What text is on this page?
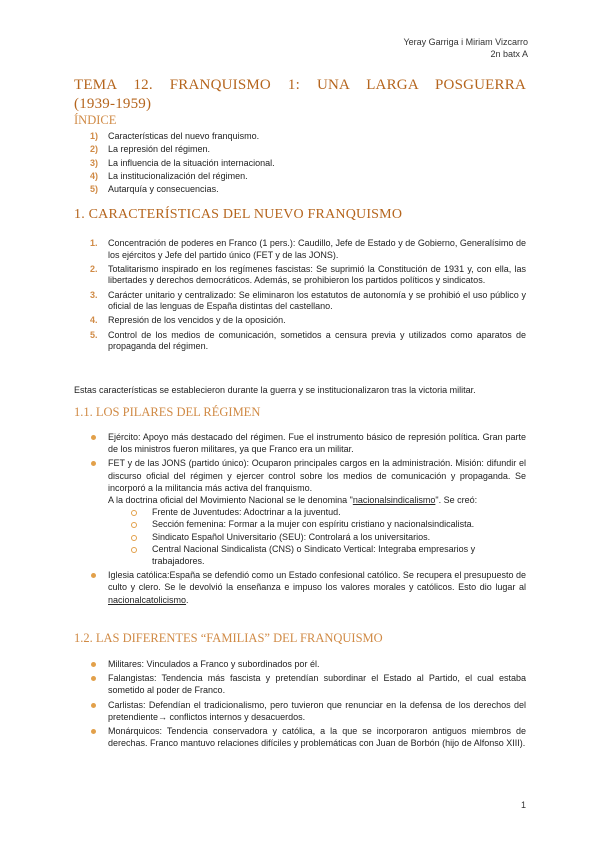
Yeray Garriga i Miriam Vizcarro
2n batx A
TEMA 12. FRANQUISMO 1: UNA LARGA POSGUERRA
(1939-1959)
ÍNDICE
1) Características del nuevo franquismo.
2) La represión del régimen.
3) La influencia de la situación internacional.
4) La institucionalización del régimen.
5) Autarquía y consecuencias.
1. CARACTERÍSTICAS DEL NUEVO FRANQUISMO
1. Concentración de poderes en Franco (1 pers.): Caudillo, Jefe de Estado y de Gobierno, Generalísimo de los ejércitos y Jefe del partido único (FET y de las JONS).
2. Totalitarismo inspirado en los regímenes fascistas: Se suprimió la Constitución de 1931 y, con ella, las libertades y derechos democráticos. Además, se prohibieron los partidos políticos y sindicatos.
3. Carácter unitario y centralizado: Se eliminaron los estatutos de autonomía y se prohibió el uso público y oficial de las lenguas de España distintas del castellano.
4. Represión de los vencidos y de la oposición.
5. Control de los medios de comunicación, sometidos a censura previa y utilizados como aparatos de propaganda del régimen.
Estas características se establecieron durante la guerra y se institucionalizaron tras la victoria militar.
1.1. LOS PILARES DEL RÉGIMEN
Ejército: Apoyo más destacado del régimen. Fue el instrumento básico de represión política. Gran parte de los ministros fueron militares, ya que Franco era un militar.
FET y de las JONS (partido único): Ocuparon principales cargos en la administración. Misión: difundir el discurso oficial del régimen y ejercer control sobre los medios de comunicación y propaganda. Se incorporó a la militancia más activa del franquismo.
A la doctrina oficial del Movimiento Nacional se le denomina "nacionalsindicalismo". Se creó:
Frente de Juventudes: Adoctrinar a la juventud.
Sección femenina: Formar a la mujer con espíritu cristiano y nacionalsindicalista.
Sindicato Español Universitario (SEU): Controlará a los universitarios.
Central Nacional Sindicalista (CNS) o Sindicato Vertical: Integraba empresarios y trabajadores.
Iglesia católica:España se defendió como un Estado confesional católico. Se recupera el presupuesto de culto y clero. Se le devolvió la enseñanza e impuso los valores morales y católicos. Esto dio lugar al nacionalcatolicismo.
1.2. LAS DIFERENTES “FAMILIAS” DEL FRANQUISMO
Militares: Vinculados a Franco y subordinados por él.
Falangistas: Tendencia más fascista y pretendían subordinar el Estado al Partido, el cual estaba sometido al poder de Franco.
Carlistas: Defendían el tradicionalismo, pero tuvieron que renunciar en la defensa de los derechos del pretendiente→ conflictos internos y desacuerdos.
Monárquicos: Tendencia conservadora y católica, a la que se incorporaron antiguos miembros de derechas. Franco mantuvo relaciones difíciles y problemáticas con Juan de Borbón (hijo de Alfonso XIII).
1
